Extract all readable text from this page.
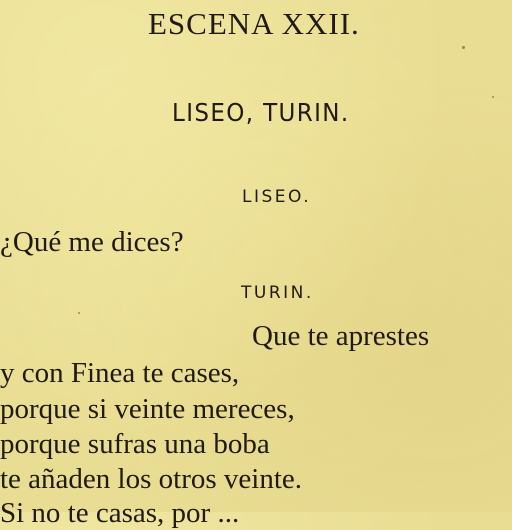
ESCENA XXII.
LISEO, TURIN.
LISEO.
¿Qué me dices?
TURIN.
Que te aprestes
y con Finea te cases,
porque si veinte mereces,
porque sufras una boba
te añaden los otros veinte.
Si no te casas, por ...
